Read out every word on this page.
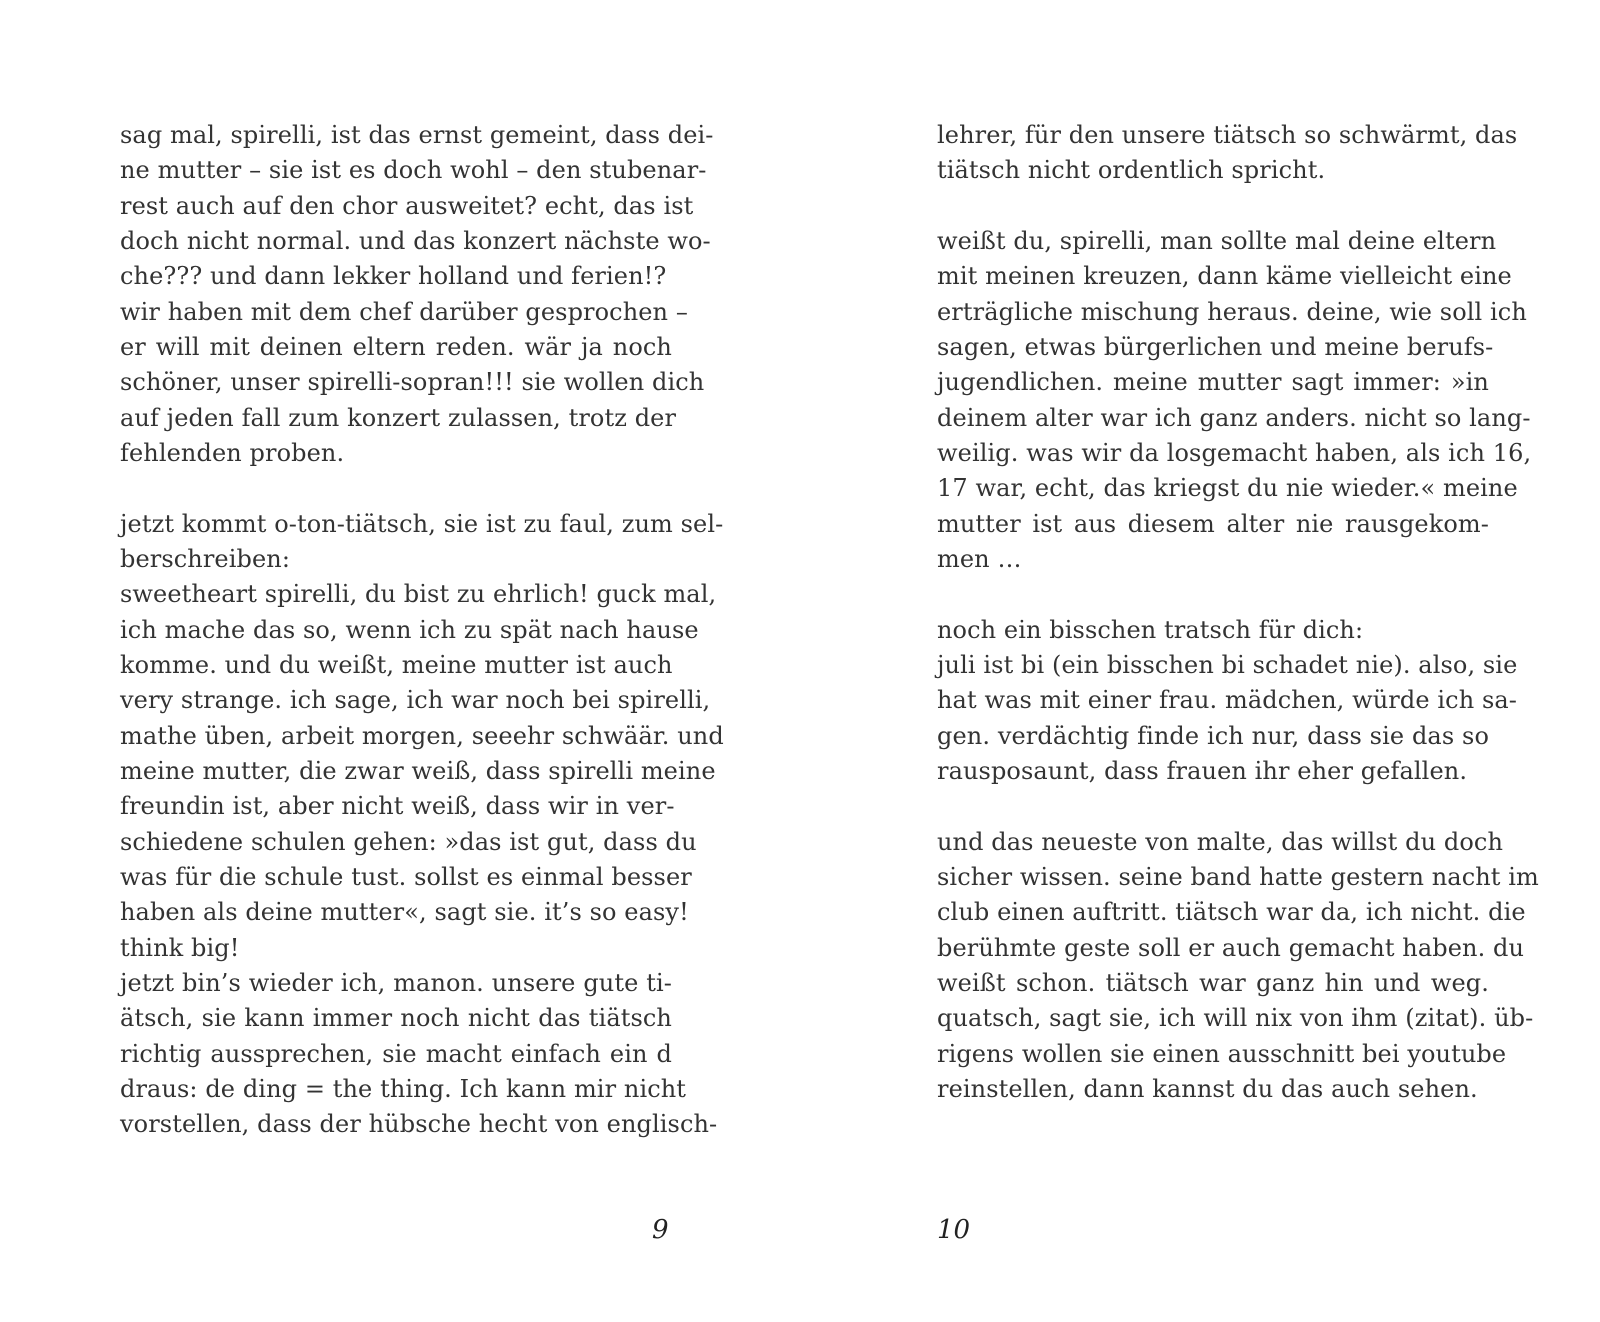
sag mal, spirelli, ist das ernst gemeint, dass dei-

ne mutter – sie ist es doch wohl – den stubenar-

rest auch auf den chor ausweitet? echt, das ist

doch nicht normal. und das konzert nächste wo-

che??? und dann lekker holland und ferien!?

wir haben mit dem chef darüber gesprochen –

er will mit deinen eltern reden. wär ja noch

schöner, unser spirelli-sopran!!! sie wollen dich

auf jeden fall zum konzert zulassen, trotz der

fehlenden proben.

jetzt kommt o-ton-tiätsch, sie ist zu faul, zum sel-

berschreiben:

sweetheart spirelli, du bist zu ehrlich! guck mal,

ich mache das so, wenn ich zu spät nach hause

komme. und du weißt, meine mutter ist auch

very strange. ich sage, ich war noch bei spirelli,

mathe üben, arbeit morgen, seeehr schwäär. und

meine mutter, die zwar weiß, dass spirelli meine

freundin ist, aber nicht weiß, dass wir in ver-

schiedene schulen gehen: »das ist gut, dass du

was für die schule tust. sollst es einmal besser

haben als deine mutter«, sagt sie. it’s so easy!

think big!

jetzt bin’s wieder ich, manon. unsere gute ti-

ätsch, sie kann immer noch nicht das tiätsch

richtig aussprechen, sie macht einfach ein d

draus: de ding = the thing. Ich kann mir nicht

vorstellen, dass der hübsche hecht von englisch-

9

lehrer, für den unsere tiätsch so schwärmt, das

tiätsch nicht ordentlich spricht.

weißt du, spirelli, man sollte mal deine eltern

mit meinen kreuzen, dann käme vielleicht eine

erträgliche mischung heraus. deine, wie soll ich

sagen, etwas bürgerlichen und meine berufs-

jugendlichen. meine mutter sagt immer: »in

deinem alter war ich ganz anders. nicht so lang-

weilig. was wir da losgemacht haben, als ich 16,

17 war, echt, das kriegst du nie wieder.« meine

mutter ist aus diesem alter nie rausgekom-

men …

noch ein bisschen tratsch für dich:

juli ist bi (ein bisschen bi schadet nie). also, sie

hat was mit einer frau. mädchen, würde ich sa-

gen. verdächtig finde ich nur, dass sie das so

rausposaunt, dass frauen ihr eher gefallen.

und das neueste von malte, das willst du doch

sicher wissen. seine band hatte gestern nacht im

club einen auftritt. tiätsch war da, ich nicht. die

berühmte geste soll er auch gemacht haben. du

weißt schon. tiätsch war ganz hin und weg.

quatsch, sagt sie, ich will nix von ihm (zitat). üb-

rigens wollen sie einen ausschnitt bei youtube

reinstellen, dann kannst du das auch sehen.

10
